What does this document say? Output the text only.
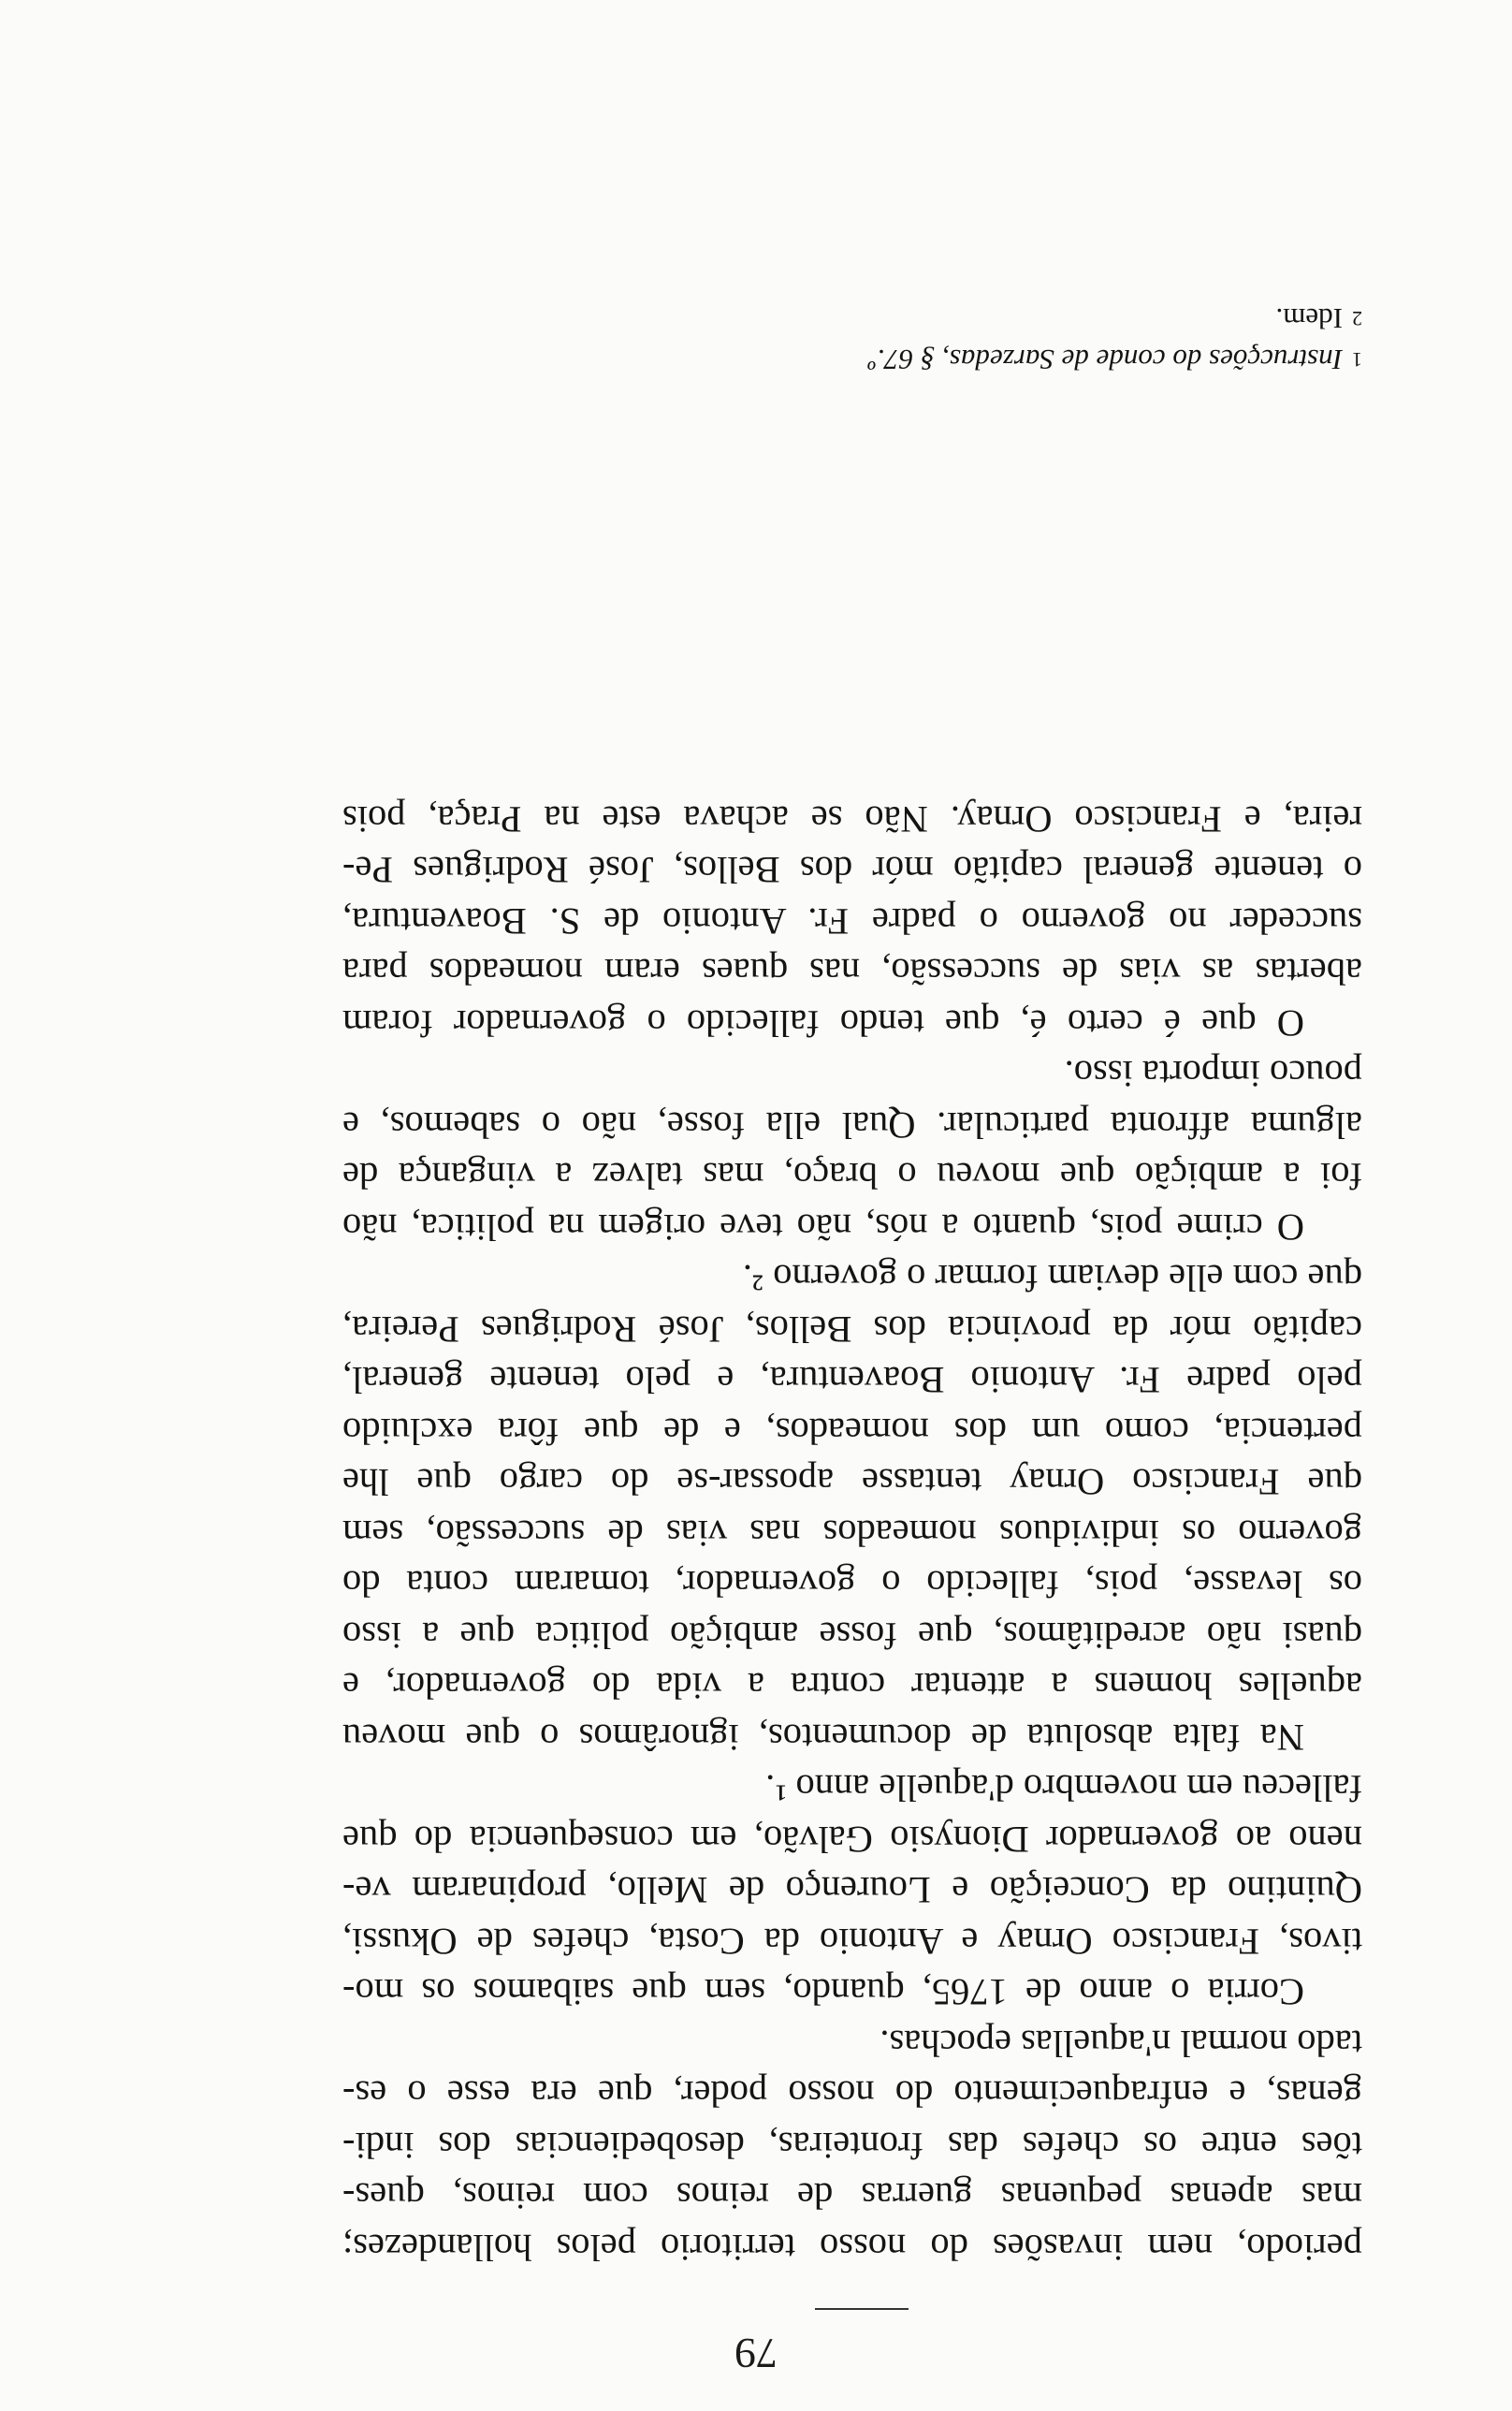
79
periodo, nem invasões do nosso territorio pelos hollandezes;
mas apenas pequenas guerras de reinos com reinos, ques-
tões entre os chefes das fronteiras, desobediencias dos indi-
genas, e enfraquecimento do nosso poder, que era esse o es-
tado normal n'aquellas epochas.
Corria o anno de 1765, quando, sem que saibamos os mo-
tivos, Francisco Ornay e Antonio da Costa, chefes de Okussi,
Quintino da Conceição e Lourenço de Mello, propinaram ve-
neno ao governador Dionysio Galvão, em consequencia do que
falleceu em novembro d'aquelle anno ¹.
Na falta absoluta de documentos, ignorâmos o que moveu
aquelles homens a attentar contra a vida do governador, e
quasi não acreditâmos, que fosse ambição politica que a isso
os levasse, pois, fallecido o governador, tomaram conta do
governo os individuos nomeados nas vias de successão, sem
que Francisco Ornay tentasse apossar-se do cargo que lhe
pertencia, como um dos nomeados, e de que fôra excluido
pelo padre Fr. Antonio Boaventura, e pelo tenente general,
capitão mór da provincia dos Bellos, José Rodrigues Pereira,
que com elle deviam formar o governo ².
O crime pois, quanto a nós, não teve origem na politica, não
foi a ambição que moveu o braço, mas talvez a vingança de
alguma affronta particular. Qual ella fosse, não o sabemos, e
pouco importa isso.
O que é certo é, que tendo fallecido o governador foram
abertas as vias de successão, nas quaes eram nomeados para
succeder no governo o padre Fr. Antonio de S. Boaventura,
o tenente general capitão mór dos Bellos, José Rodrigues Pe-
reira, e Francisco Ornay. Não se achava este na Praça, pois
1Instrucções do conde de Sarzedas, § 67.º
2Idem.
